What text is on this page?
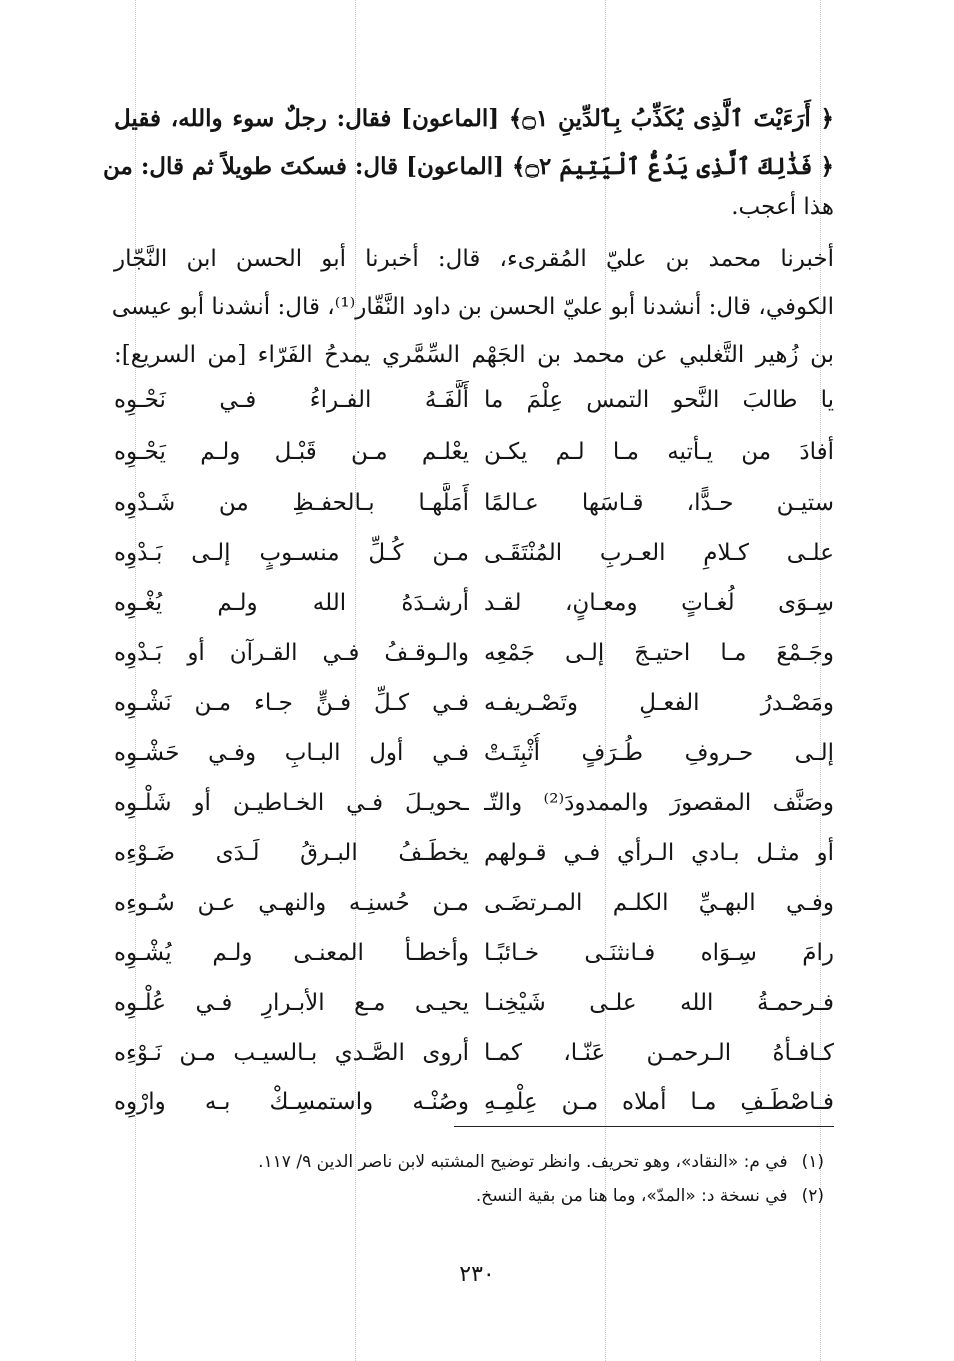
﴿ أَرَءَيْتَ ٱلَّذِى يُكَذِّبُ بِٱلدِّينِ ۝١﴾ [الماعون] فقال: رجلٌ سوء والله، فقيل
﴿ فَذَٰلِكَ ٱلَّذِى يَدُعُّ ٱلْيَتِيمَ ۝٢﴾ [الماعون] قال: فسكتَ طويلاً ثم قال: من
هذا أعجب.
أخبرنا محمد بن عليّ المُقرىء، قال: أخبرنا أبو الحسن ابن النَّجّار
الكوفي، قال: أنشدنا أبو عليّ الحسن بن داود النَّقّار⁽¹⁾، قال: أنشدنا أبو عيسى
بن زُهير التَّغلبي عن محمد بن الجَهْم السِّمَّري يمدحُ الفَرّاء [من السريع]:
يا طالبَ النَّحو التمس عِلْمَ ما
أَلَّفَـهُ الفـراءُ فـي نَحْـوِه
أفادَ من يـأتيه مـا لـم يكـن
يعْلـم مـن قَبْـل ولـم يَحْـوِه
ستيـن حـدًّا، قـاسَها عـالمًا
أَمَلَّهـا بـالحفـظِ من شَـدْوِه
علـى كـلامِ العـربِ المُنْتَقَـى
مـن كُـلِّ منسـوبٍ إلـى بَـدْوِه
سِـوَى لُغـاتٍ ومعـانٍ، لقـد
أرشـدَهُ الله ولـم يُغْـوِه
وجَـمْعَ مـا احتيـجَ إلـى جَمْعِه
والـوقـفُ فـي القـرآن أو بَـدْوِه
ومَصْـدرُ الفعـلِ وتَصْـريفـه
فـي كـلِّ فـنٍّ جـاء مـن نَشْـوِه
إلـى حـروفِ طُـرَفٍ أُثْبِتَـتْ
فـي أول البـابِ وفـي حَشْـوِه
وصَنَّف المقصورَ والممدودَ⁽²⁾ والتّـ
ـحويـلَ فـي الخـاطيـن أو شَلْـوِه
أو مثـل بـادي الـرأي فـي قـولهم
يخطَـفُ البـرقُ لَـدَى ضَـوْءِه
وفـي البهـيِّ الكلـم المـرتضَـى
مـن حُسنِـه والنهـي عـن سُـوءِه
رامَ سِـوَاه فـانثنَـى خـائبًـا
وأخطـأ المعنـى ولـم يُشْـوِه
فـرحمـةُ الله علـى شَيْخِنـا
يحيـى مـع الأبـرارِ فـي عُلْـوِه
كـافـأهُ الـرحمـن عَنّـا، كمـا
أروى الصَّـدي بـالسيـب مـن نَـوْءِه
فـاصْطَـفِ مـا أملاه مـن عِلْمِـهِ
وصُنْـه واستمسِـكْ بـه وارْوِه
(١)في م: «النقاد»، وهو تحريف. وانظر توضيح المشتبه لابن ناصر الدين ٩/ ١١٧.
(٢)في نسخة د: «المدّ»، وما هنا من بقية النسخ.
٢٣٠
